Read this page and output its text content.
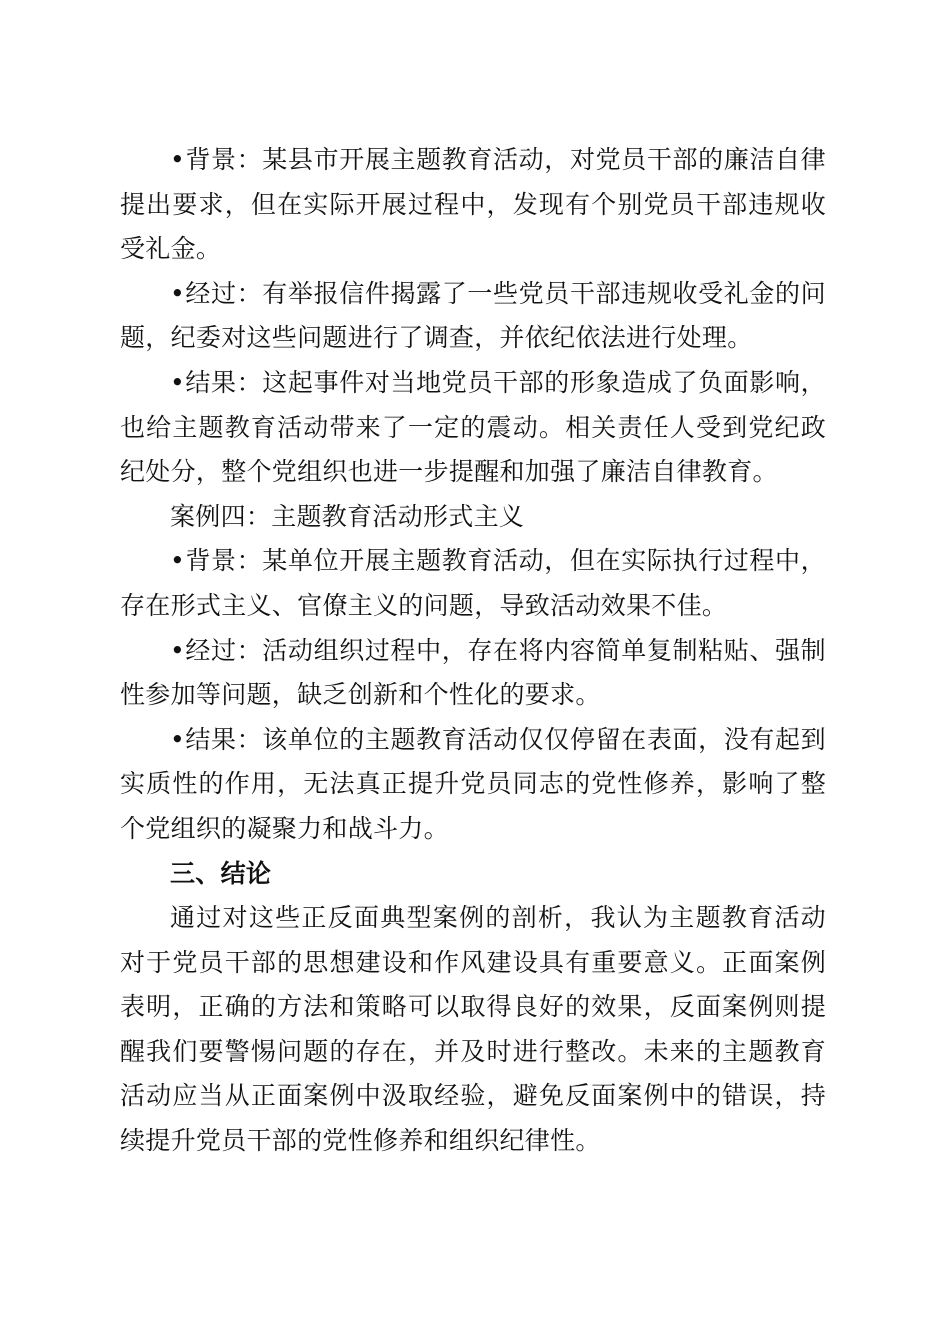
•背景：某县市开展主题教育活动，对党员干部的廉洁自律提出要求，但在实际开展过程中，发现有个别党员干部违规收受礼金。

•经过：有举报信件揭露了一些党员干部违规收受礼金的问题，纪委对这些问题进行了调查，并依纪依法进行处理。

•结果：这起事件对当地党员干部的形象造成了负面影响，也给主题教育活动带来了一定的震动。相关责任人受到党纪政纪处分，整个党组织也进一步提醒和加强了廉洁自律教育。

案例四：主题教育活动形式主义

•背景：某单位开展主题教育活动，但在实际执行过程中，存在形式主义、官僚主义的问题，导致活动效果不佳。

•经过：活动组织过程中，存在将内容简单复制粘贴、强制性参加等问题，缺乏创新和个性化的要求。

•结果：该单位的主题教育活动仅仅停留在表面，没有起到实质性的作用，无法真正提升党员同志的党性修养，影响了整个党组织的凝聚力和战斗力。

三、结论

通过对这些正反面典型案例的剖析，我认为主题教育活动对于党员干部的思想建设和作风建设具有重要意义。正面案例表明，正确的方法和策略可以取得良好的效果，反面案例则提醒我们要警惕问题的存在，并及时进行整改。未来的主题教育活动应当从正面案例中汲取经验，避免反面案例中的错误，持续提升党员干部的党性修养和组织纪律性。
